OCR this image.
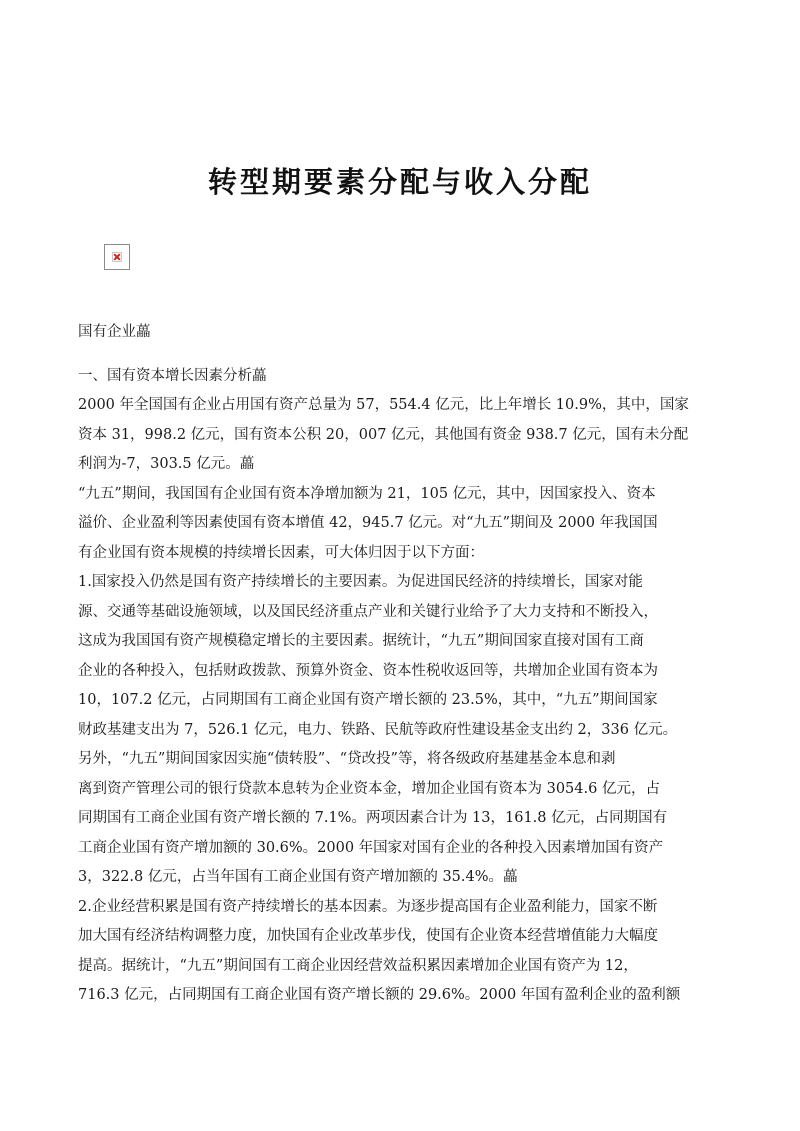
转型期要素分配与收入分配

国有企业藟

一、国有资本增长因素分析藟

2000 年全国国有企业占用国有资产总量为 57，554.4 亿元，比上年增长 10.9%，其中，国家
资本 31，998.2 亿元，国有资本公积 20，007 亿元，其他国有资金 938.7 亿元，国有未分配
利润为-7，303.5 亿元。藟

“九五”期间，我国国有企业国有资本净增加额为 21，105 亿元，其中，因国家投入、资本
溢价、企业盈利等因素使国有资本增值 42，945.7 亿元。对“九五”期间及 2000 年我国国
有企业国有资本规模的持续增长因素，可大体归因于以下方面：

1.国家投入仍然是国有资产持续增长的主要因素。为促进国民经济的持续增长，国家对能
源、交通等基础设施领域，以及国民经济重点产业和关键行业给予了大力支持和不断投入，
这成为我国国有资产规模稳定增长的主要因素。据统计，“九五”期间国家直接对国有工商
企业的各种投入，包括财政拨款、预算外资金、资本性税收返回等，共增加企业国有资本为
10，107.2 亿元，占同期国有工商企业国有资产增长额的 23.5%，其中，“九五”期间国家
财政基建支出为 7，526.1 亿元，电力、铁路、民航等政府性建设基金支出约 2，336 亿元。
另外，“九五”期间国家因实施“债转股”、“贷改投”等，将各级政府基建基金本息和剥
离到资产管理公司的银行贷款本息转为企业资本金，增加企业国有资本为 3054.6 亿元，占
同期国有工商企业国有资产增长额的 7.1%。两项因素合计为 13，161.8 亿元，占同期国有
工商企业国有资产增加额的 30.6%。2000 年国家对国有企业的各种投入因素增加国有资产
3，322.8 亿元，占当年国有工商企业国有资产增加额的 35.4%。藟

2.企业经营积累是国有资产持续增长的基本因素。为逐步提高国有企业盈利能力，国家不断
加大国有经济结构调整力度，加快国有企业改革步伐，使国有企业资本经营增值能力大幅度
提高。据统计，“九五”期间国有工商企业因经营效益积累因素增加企业国有资产为 12，
716.3 亿元，占同期国有工商企业国有资产增长额的 29.6%。2000 年国有盈利企业的盈利额
